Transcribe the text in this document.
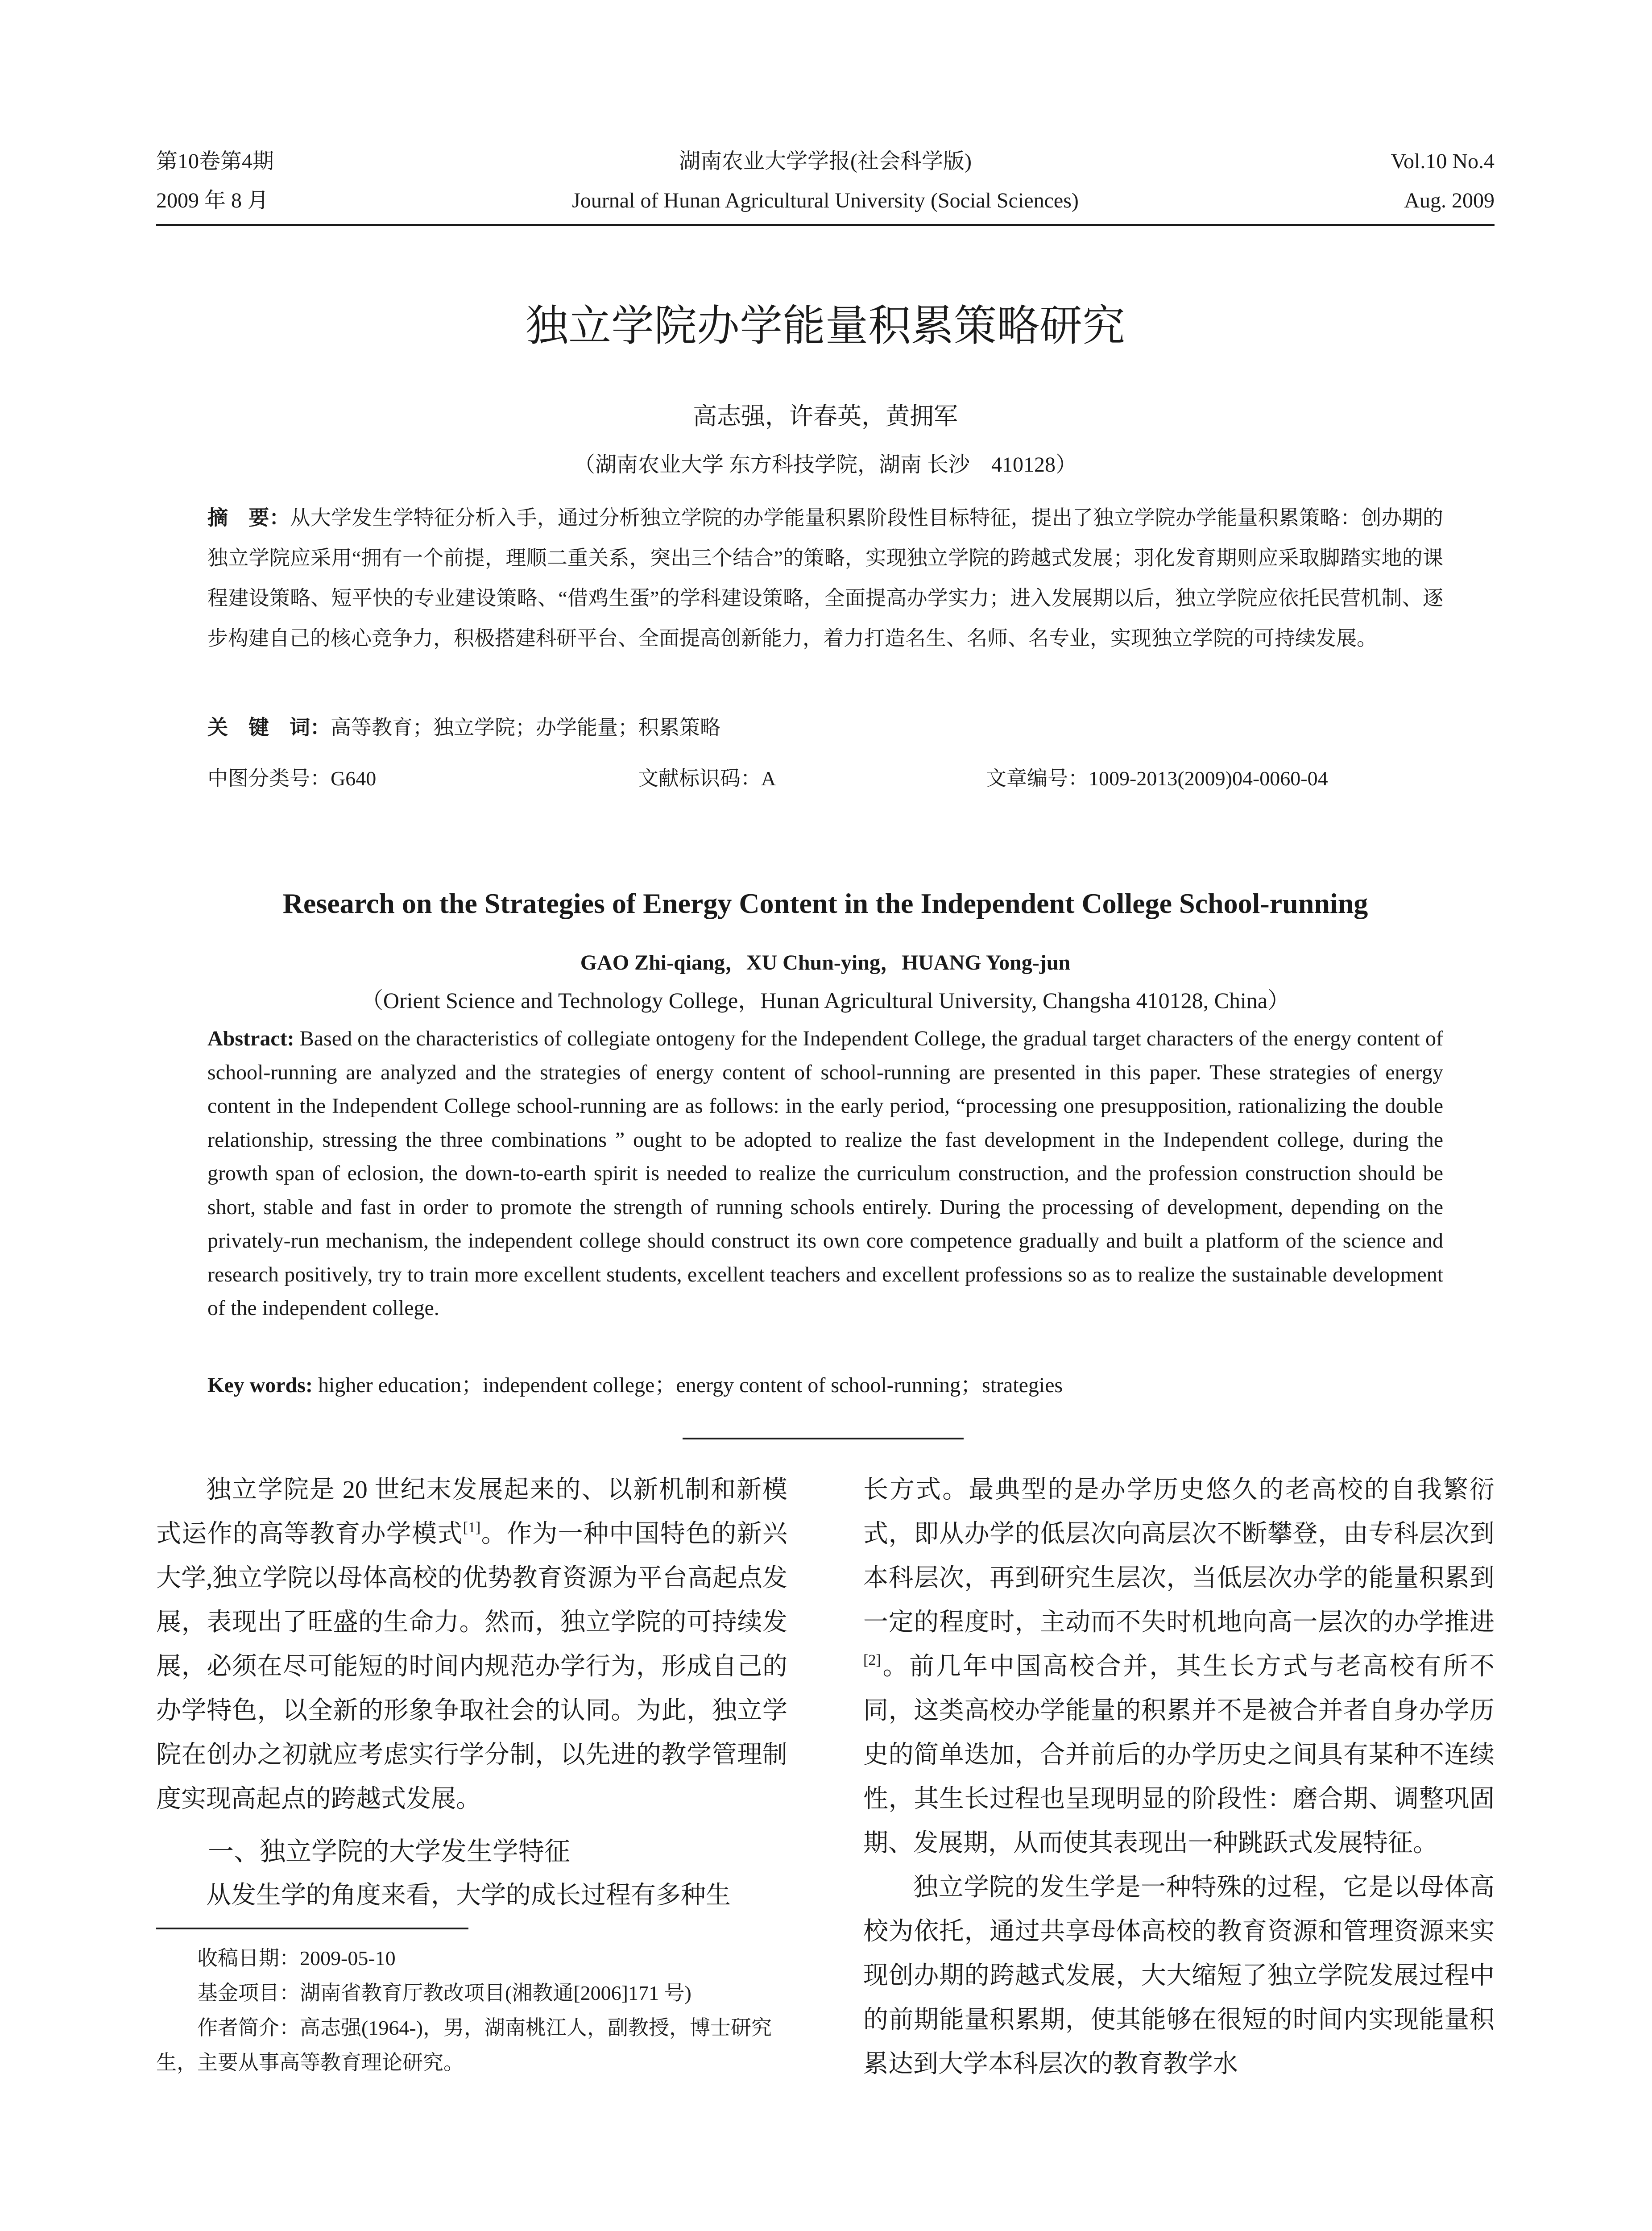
第10卷第4期	湖南农业大学学报(社会科学版)	Vol.10 No.4
2009 年 8 月	Journal of Hunan Agricultural University (Social Sciences)	Aug. 2009
独立学院办学能量积累策略研究
高志强，许春英，黄拥军
（湖南农业大学 东方科技学院，湖南 长沙　410128）
摘　要：从大学发生学特征分析入手，通过分析独立学院的办学能量积累阶段性目标特征，提出了独立学院办学能量积累策略：创办期的独立学院应采用“拥有一个前提，理顺二重关系，突出三个结合”的策略，实现独立学院的跨越式发展；羽化发育期则应采取脚踏实地的课程建设策略、短平快的专业建设策略、“借鸡生蛋”的学科建设策略，全面提高办学实力；进入发展期以后，独立学院应依托民营机制、逐步构建自己的核心竞争力，积极搭建科研平台、全面提高创新能力，着力打造名生、名师、名专业，实现独立学院的可持续发展。
关　键　词：高等教育；独立学院；办学能量；积累策略
中图分类号：G640	文献标识码：A	文章编号：1009-2013(2009)04-0060-04
Research on the Strategies of Energy Content in the Independent College School-running
GAO Zhi-qiang，XU Chun-ying，HUANG Yong-jun
（Orient Science and Technology College，Hunan Agricultural University, Changsha 410128, China）
Abstract: Based on the characteristics of collegiate ontogeny for the Independent College, the gradual target characters of the energy content of school-running are analyzed and the strategies of energy content of school-running are presented in this paper. These strategies of energy content in the Independent College school-running are as follows: in the early period, “processing one presupposition, rationalizing the double relationship, stressing the three combinations ” ought to be adopted to realize the fast development in the Independent college, during the growth span of eclosion, the down-to-earth spirit is needed to realize the curriculum construction, and the profession construction should be short, stable and fast in order to promote the strength of running schools entirely. During the processing of development, depending on the privately-run mechanism, the independent college should construct its own core competence gradually and built a platform of the science and research positively, try to train more excellent students, excellent teachers and excellent professions so as to realize the sustainable development of the independent college.
Key words: higher education；independent college；energy content of school-running；strategies

独立学院是 20 世纪末发展起来的、以新机制和新模式运作的高等教育办学模式[1]。作为一种中国特色的新兴大学,独立学院以母体高校的优势教育资源为平台高起点发展，表现出了旺盛的生命力。然而，独立学院的可持续发展，必须在尽可能短的时间内规范办学行为，形成自己的办学特色，以全新的形象争取社会的认同。为此，独立学院在创办之初就应考虑实行学分制，以先进的教学管理制度实现高起点的跨越式发展。

一、独立学院的大学发生学特征

从发生学的角度来看，大学的成长过程有多种生

长方式。最典型的是办学历史悠久的老高校的自我繁衍式，即从办学的低层次向高层次不断攀登，由专科层次到本科层次，再到研究生层次，当低层次办学的能量积累到一定的程度时，主动而不失时机地向高一层次的办学推进[2]。前几年中国高校合并，其生长方式与老高校有所不同，这类高校办学能量的积累并不是被合并者自身办学历史的简单迭加，合并前后的办学历史之间具有某种不连续性，其生长过程也呈现明显的阶段性：磨合期、调整巩固期、发展期，从而使其表现出一种跳跃式发展特征。

独立学院的发生学是一种特殊的过程，它是以母体高校为依托，通过共享母体高校的教育资源和管理资源来实现创办期的跨越式发展，大大缩短了独立学院发展过程中的前期能量积累期，使其能够在很短的时间内实现能量积累达到大学本科层次的教育教学水

收稿日期：2009-05-10
基金项目：湖南省教育厅教改项目(湘教通[2006]171 号)
作者简介：高志强(1964-)，男，湖南桃江人，副教授，博士研究生，主要从事高等教育理论研究。
